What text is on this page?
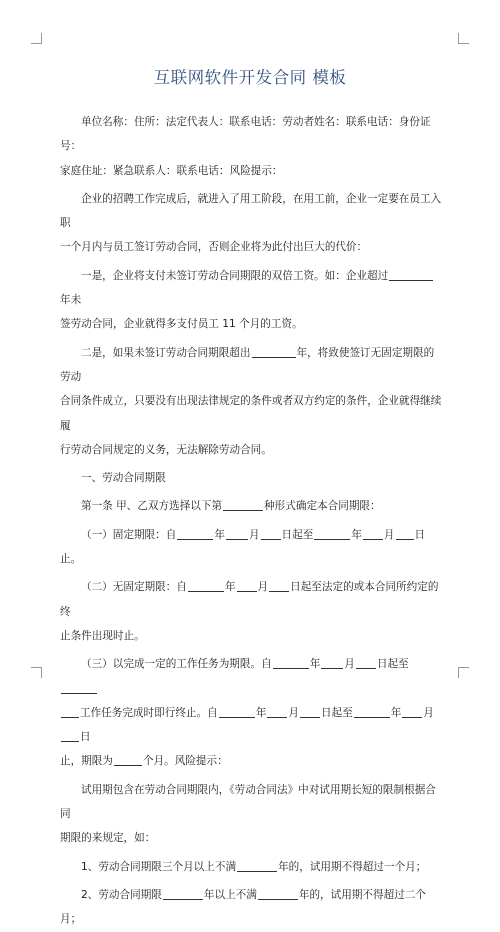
互联网软件开发合同 模板

单位名称：住所：法定代表人：联系电话：劳动者姓名：联系电话：身份证号：

家庭住址：紧急联系人：联系电话：风险提示：

企业的招聘工作完成后，就进入了用工阶段，在用工前，企业一定要在员工入职

一个月内与员工签订劳动合同，否则企业将为此付出巨大的代价：

一是，企业将支付未签订劳动合同期限的双倍工资。如：企业超过年未

签劳动合同，企业就得多支付员工 11 个月的工资。

二是，如果未签订劳动合同期限超出	年，将致使签订无固定期限的劳动

合同条件成立，只要没有出现法律规定的条件或者双方约定的条件，企业就得继续履

行劳动合同规定的义务，无法解除劳动合同。

一、劳动合同期限

第一条 甲、乙双方选择以下第	种形式确定本合同期限：

（一）固定期限：自	年 月 日起至	年 月 日止。

（二）无固定期限：自	年 月 日起至法定的或本合同所约定的终

止条件出现时止。

（三）以完成一定的工作任务为期限。自	年 月 日起至

工作任务完成时即行终止。自	年 月 日起至	年 月日

止，期限为	个月。风险提示：

试用期包含在劳动合同期限内，《劳动合同法》中对试用期长短的限制根据合同

期限的来规定，如：

1、劳动合同期限三个月以上不满	年的，试用期不得超过一个月；

2、劳动合同期限	年以上不满	年的，试用期不得超过二个月；
